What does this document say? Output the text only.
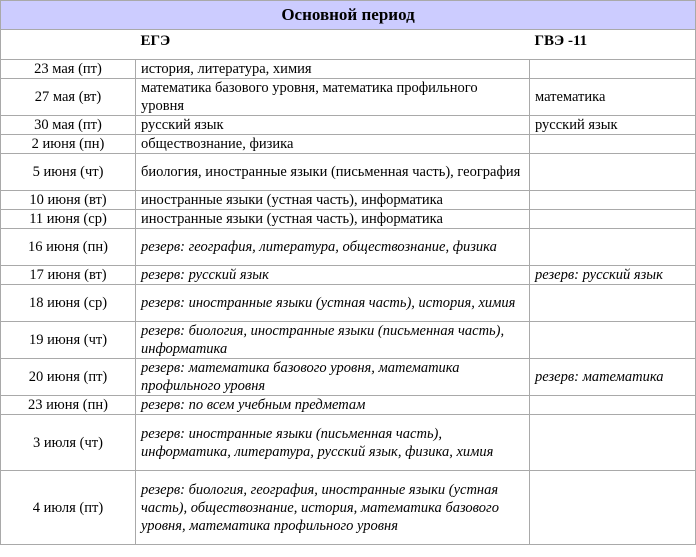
Основной период		
	ЕГЭ	ГВЭ -11
23 мая (пт)	история, литература, химия	
27 мая (вт)	математика базового уровня, математика профильного уровня	математика
30 мая (пт)	русский язык	русский язык
2 июня (пн)	обществознание, физика	
5 июня (чт)	биология, иностранные языки (письменная часть), география	
10 июня (вт)	иностранные языки (устная часть), информатика	
11 июня (ср)	иностранные языки (устная часть), информатика	
16 июня (пн)	резерв: география, литература, обществознание, физика	
17 июня (вт)	резерв: русский язык	резерв: русский язык
18 июня (ср)	резерв: иностранные языки (устная часть), история, химия	
19 июня (чт)	резерв: биология, иностранные языки (письменная часть), информатика	
20 июня (пт)	резерв: математика базового уровня, математика профильного уровня	резерв: математика
23 июня (пн)	резерв: по всем учебным предметам	
3 июля (чт)	резерв: иностранные языки (письменная часть), информатика, литература, русский язык, физика, химия	
4 июля (пт)	резерв: биология, география, иностранные языки (устная часть), обществознание, история, математика базового уровня, математика профильного уровня	
